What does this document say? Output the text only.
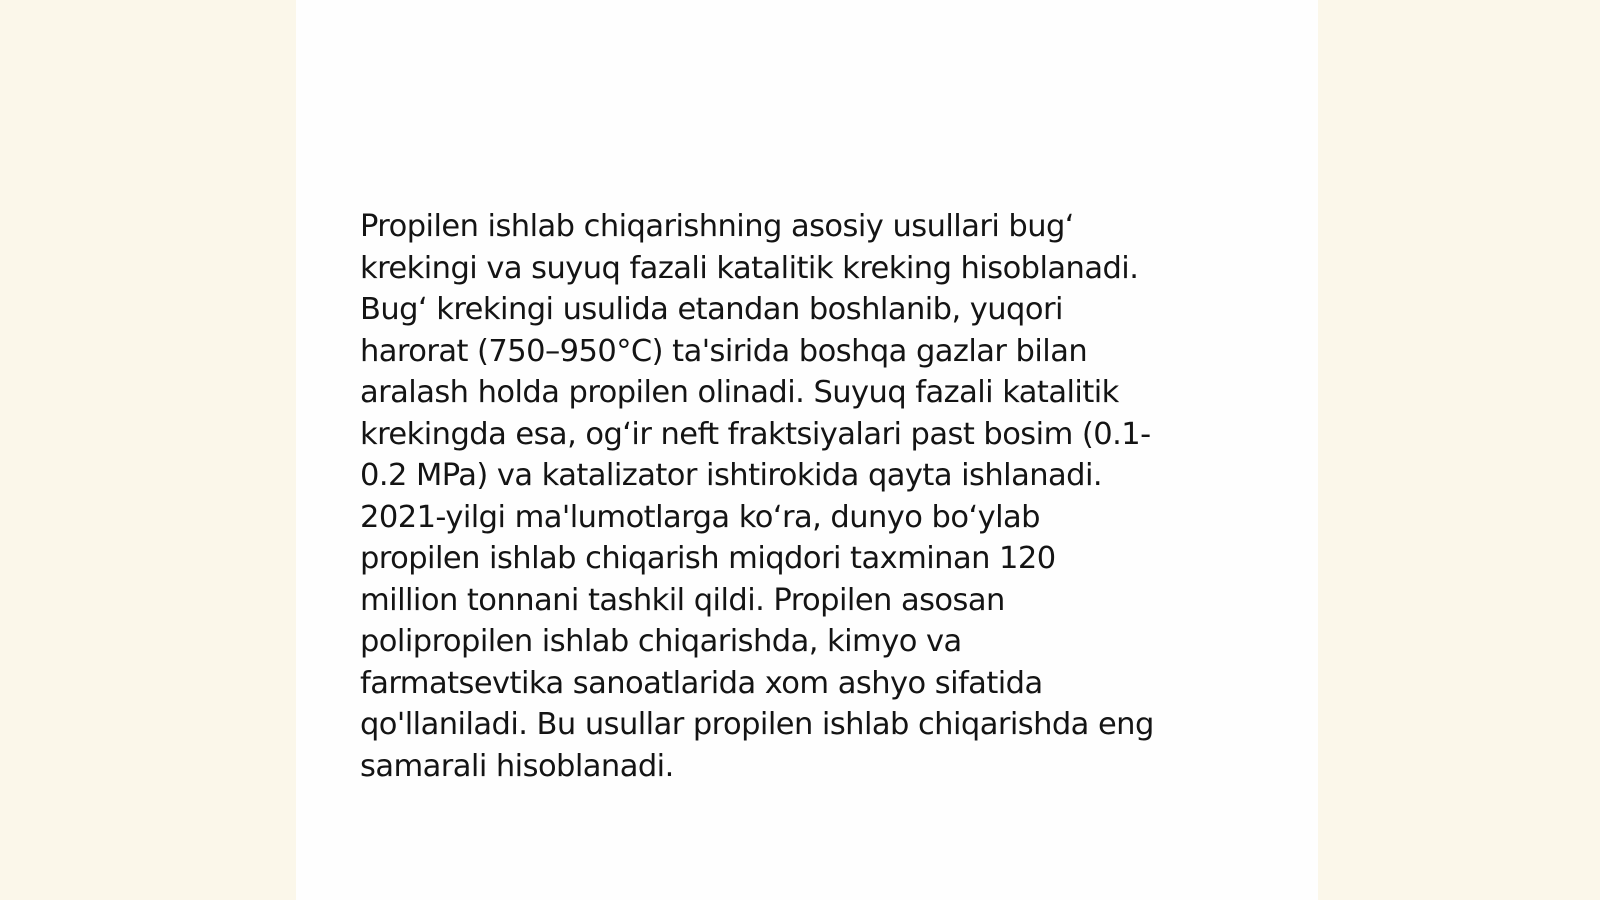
Propilen ishlab chiqarishning asosiy usullari bug‘
krekingi va suyuq fazali katalitik kreking hisoblanadi.
Bug‘ krekingi usulida etandan boshlanib, yuqori
harorat (750–950°C) ta'sirida boshqa gazlar bilan
aralash holda propilen olinadi. Suyuq fazali katalitik
krekingda esa, og‘ir neft fraktsiyalari past bosim (0.1-
0.2 MPa) va katalizator ishtirokida qayta ishlanadi.
2021-yilgi ma'lumotlarga ko‘ra, dunyo bo‘ylab
propilen ishlab chiqarish miqdori taxminan 120
million tonnani tashkil qildi. Propilen asosan
polipropilen ishlab chiqarishda, kimyo va
farmatsevtika sanoatlarida xom ashyo sifatida
qo'llaniladi. Bu usullar propilen ishlab chiqarishda eng
samarali hisoblanadi.
